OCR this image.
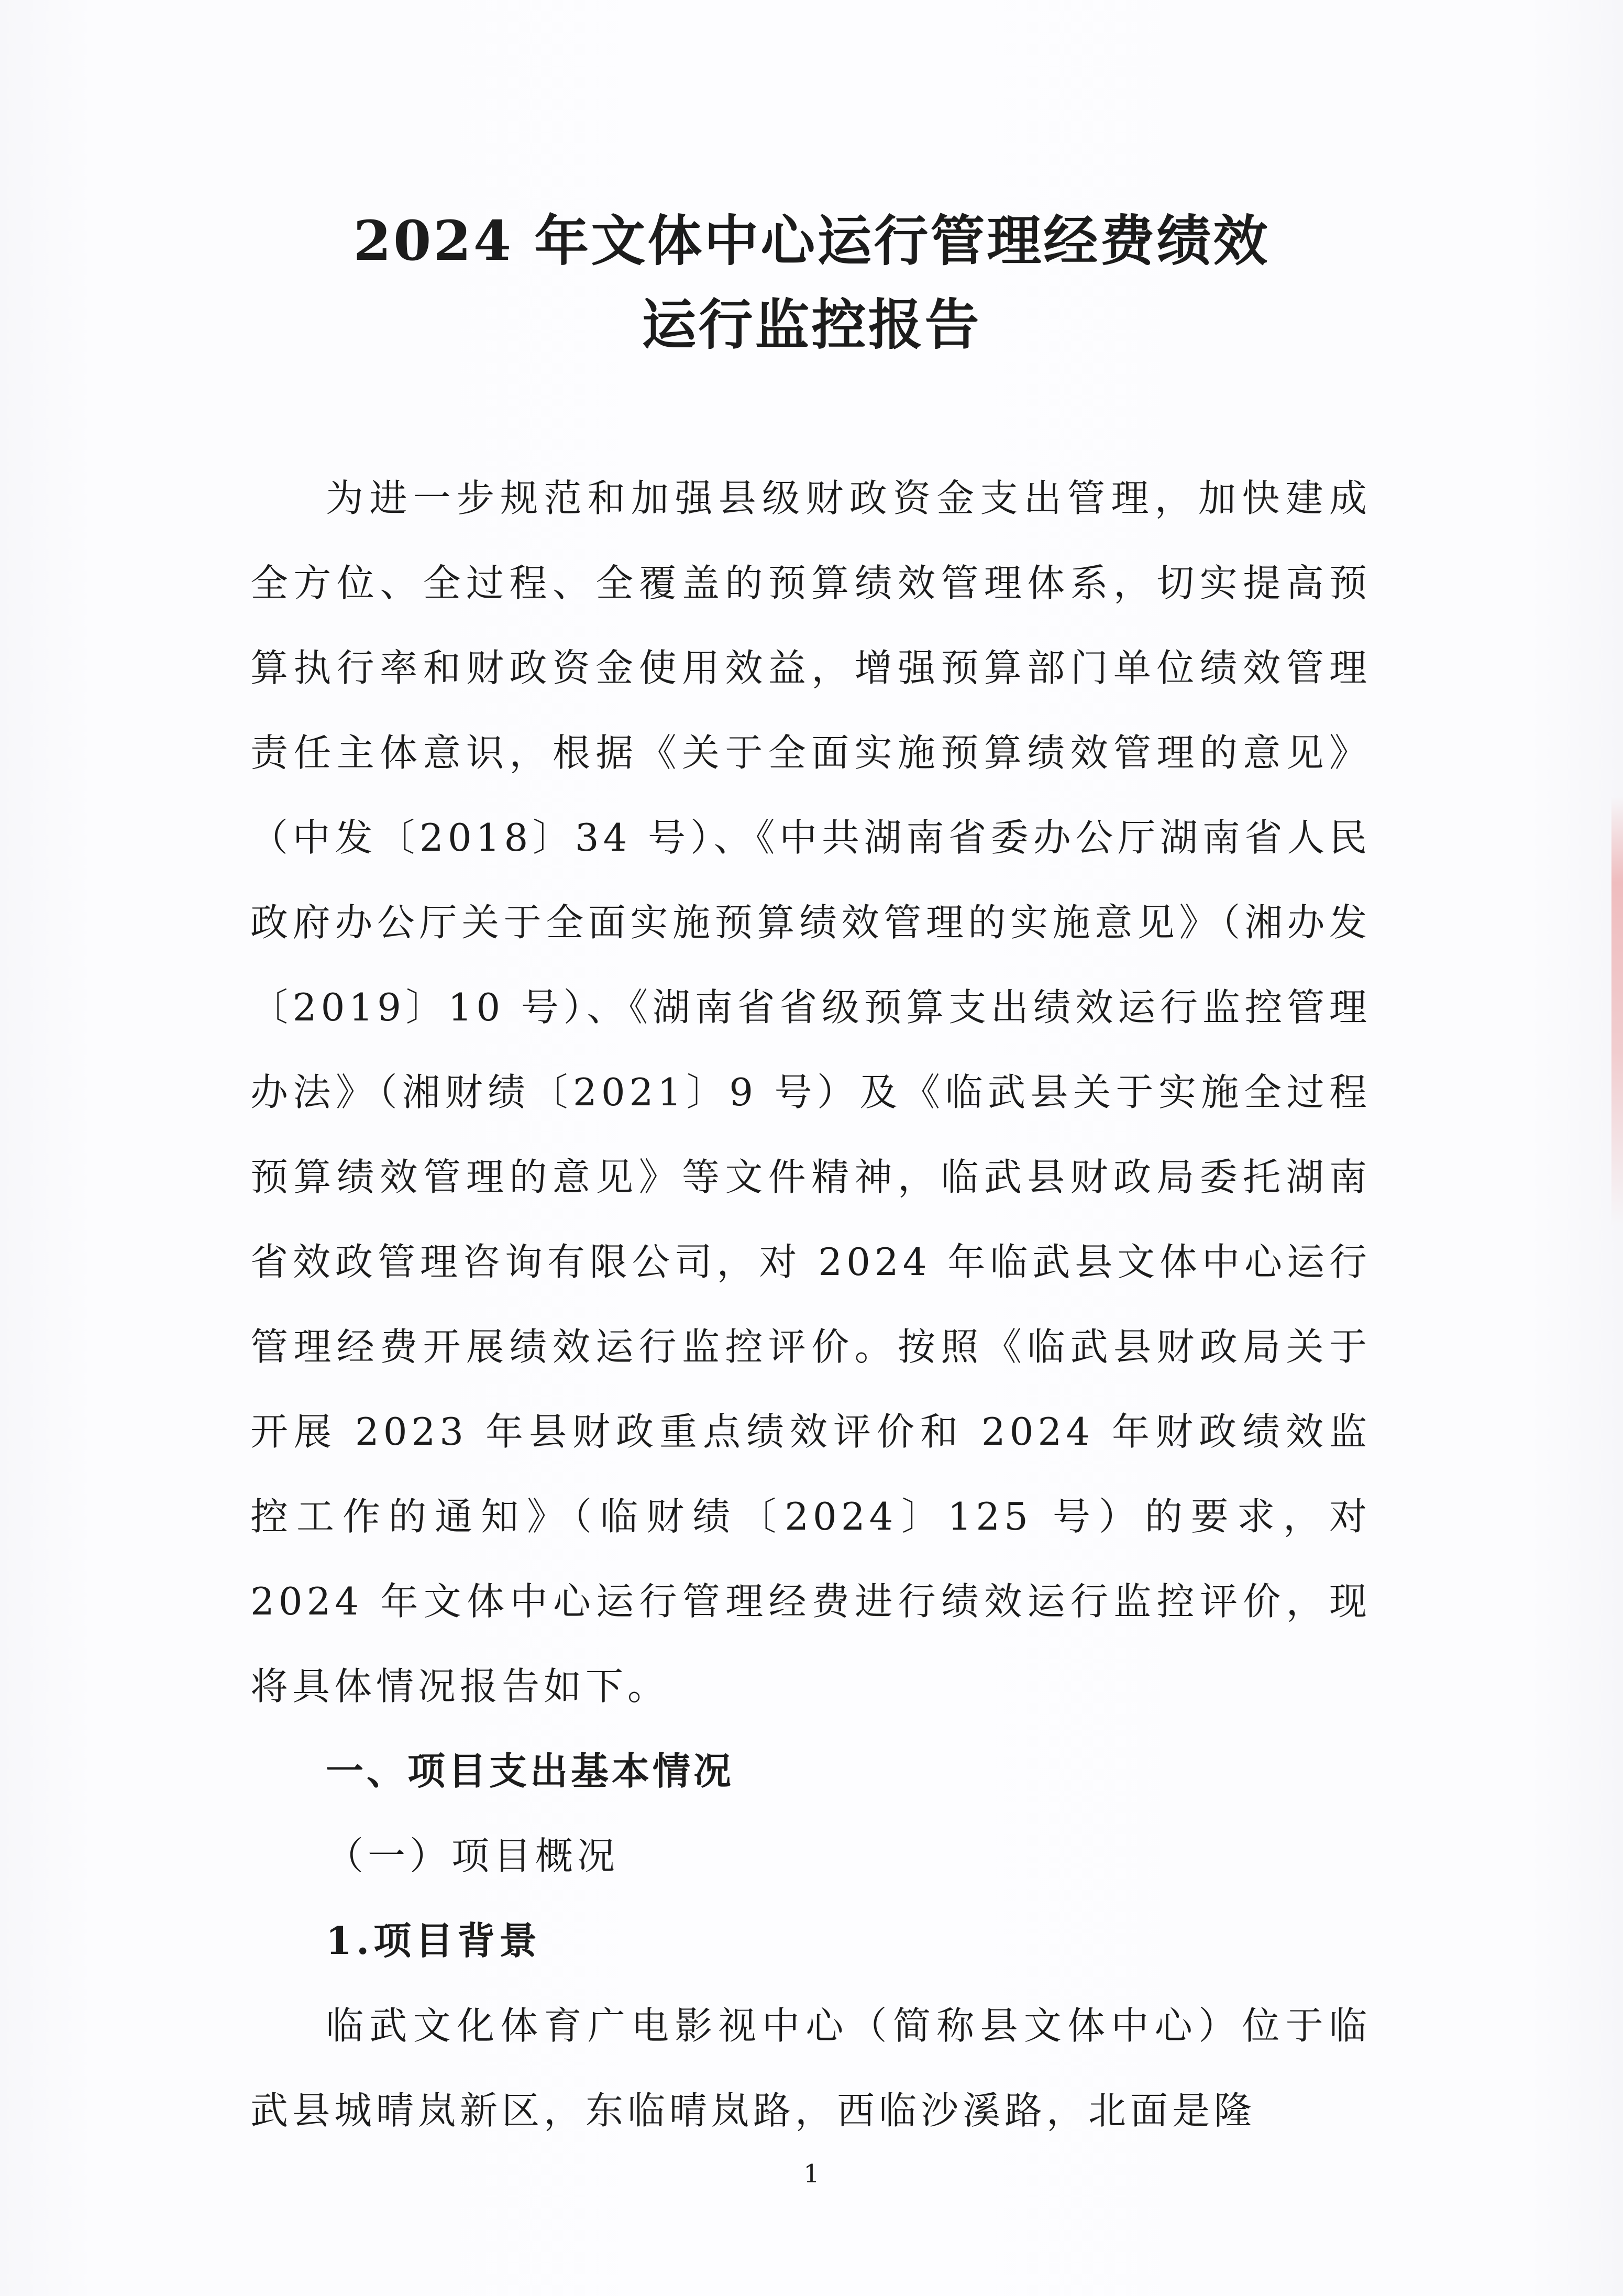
2024 年文体中心运行管理经费绩效
运行监控报告

为进一步规范和加强县级财政资金支出管理，加快建成全方位、全过程、全覆盖的预算绩效管理体系，切实提高预算执行率和财政资金使用效益，增强预算部门单位绩效管理责任主体意识，根据《关于全面实施预算绩效管理的意见》（中发〔2018〕34 号）、《中共湖南省委办公厅湖南省人民政府办公厅关于全面实施预算绩效管理的实施意见》（湘办发〔2019〕10 号）、《湖南省省级预算支出绩效运行监控管理办法》（湘财绩〔2021〕9 号）及《临武县关于实施全过程预算绩效管理的意见》等文件精神，临武县财政局委托湖南省效政管理咨询有限公司，对 2024 年临武县文体中心运行管理经费开展绩效运行监控评价。按照《临武县财政局关于开展 2023 年县财政重点绩效评价和 2024 年财政绩效监控工作的通知》（临财绩〔2024〕125 号）的要求，对 2024 年文体中心运行管理经费进行绩效运行监控评价，现将具体情况报告如下。

一、项目支出基本情况

（一）项目概况

1.项目背景

临武文化体育广电影视中心（简称县文体中心）位于临武县城晴岚新区，东临晴岚路，西临沙溪路，北面是隆

1
